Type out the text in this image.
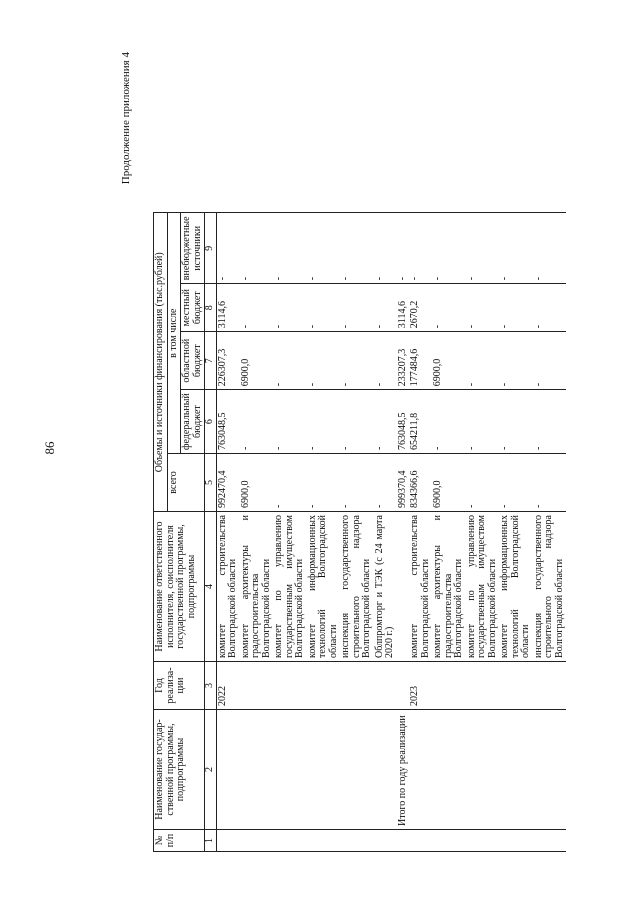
86
Продолжение приложения 4
№ п/п	Наименование государ-ственной программы, подпрограммы	Год реализа-ции	Наименование ответственного исполнителя, соисполнителя государственной программы, подпрограммы	Объемы и источники финансирования (тыс.рублей)				
				всего	в том числе			
					федеральный бюджет	областной бюджет	местный бюджет	внебюджетные источники
1	2	3	4	5	6	7	8	9
		2022	комитет строительства Волгоградской области	992470,4	763048,5	226307,3	3114,6	-
			комитет архитектуры и градостроительства Волгоградской области	6900,0	-	6900,0	-	-
			комитет по управлению государственным имуществом Волгоградской области	-	-	-	-	-
			комитет информационных технологий Волгоградской области	-	-	-	-	-
			инспекция государственного строительного надзора Волгоградской области	-	-	-	-	-
			Облпромторг и ТЭК (с 24 марта 2020 г.)	-	-	-	-	-
	Итого по году реализации			999370,4	763048,5	233207,3	3114,6	-
		2023	комитет строительства Волгоградской области	834366,6	654211,8	177484,6	2670,2	-
			комитет архитектуры и градостроительства Волгоградской области	6900,0	-	6900,0	-	-
			комитет по управлению государственным имуществом Волгоградской области	-	-	-	-	-
			комитет информационных технологий Волгоградской области	-	-	-	-	-
			инспекция государственного строительного надзора Волгоградской области	-	-	-	-	-
